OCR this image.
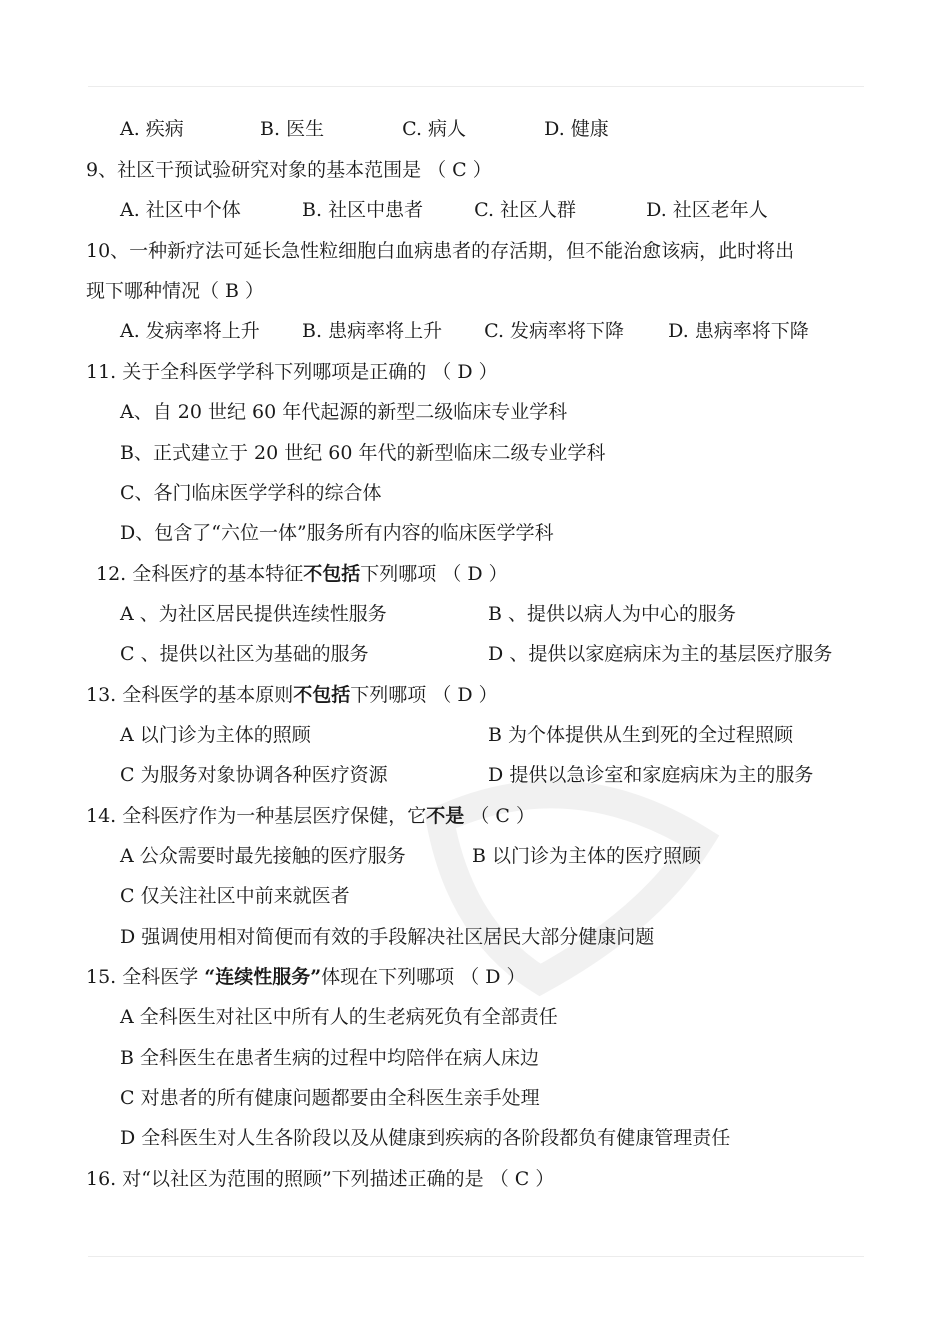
A. 疾病	B. 医生	C. 病人	D. 健康
9、社区干预试验研究对象的基本范围是 （ C ）
A. 社区中个体	B. 社区中患者	C. 社区人群	D. 社区老年人
10、一种新疗法可延长急性粒细胞白血病患者的存活期，但不能治愈该病，此时将出
现下哪种情况（ B ）
A. 发病率将上升 B. 患病率将上升 C. 发病率将下降 D. 患病率将下降
11. 关于全科医学学科下列哪项是正确的 （ D ）
A、自 20 世纪 60 年代起源的新型二级临床专业学科
B、正式建立于 20 世纪 60 年代的新型临床二级专业学科
C、各门临床医学学科的综合体
D、包含了“六位一体”服务所有内容的临床医学学科
12. 全科医疗的基本特征不包括下列哪项 （ D ）
A 、为社区居民提供连续性服务	B 、提供以病人为中心的服务
C 、提供以社区为基础的服务	D 、提供以家庭病床为主的基层医疗服务
13. 全科医学的基本原则不包括下列哪项 （ D ）
A 以门诊为主体的照顾	B 为个体提供从生到死的全过程照顾
C 为服务对象协调各种医疗资源	D 提供以急诊室和家庭病床为主的服务
14. 全科医疗作为一种基层医疗保健，它不是 （ C ）
A 公众需要时最先接触的医疗服务	B 以门诊为主体的医疗照顾
C 仅关注社区中前来就医者
D 强调使用相对简便而有效的手段解决社区居民大部分健康问题
15. 全科医学 “连续性服务”体现在下列哪项 （ D ）
A 全科医生对社区中所有人的生老病死负有全部责任
B 全科医生在患者生病的过程中均陪伴在病人床边
C 对患者的所有健康问题都要由全科医生亲手处理
D 全科医生对人生各阶段以及从健康到疾病的各阶段都负有健康管理责任
16. 对“以社区为范围的照顾”下列描述正确的是 （ C ）
